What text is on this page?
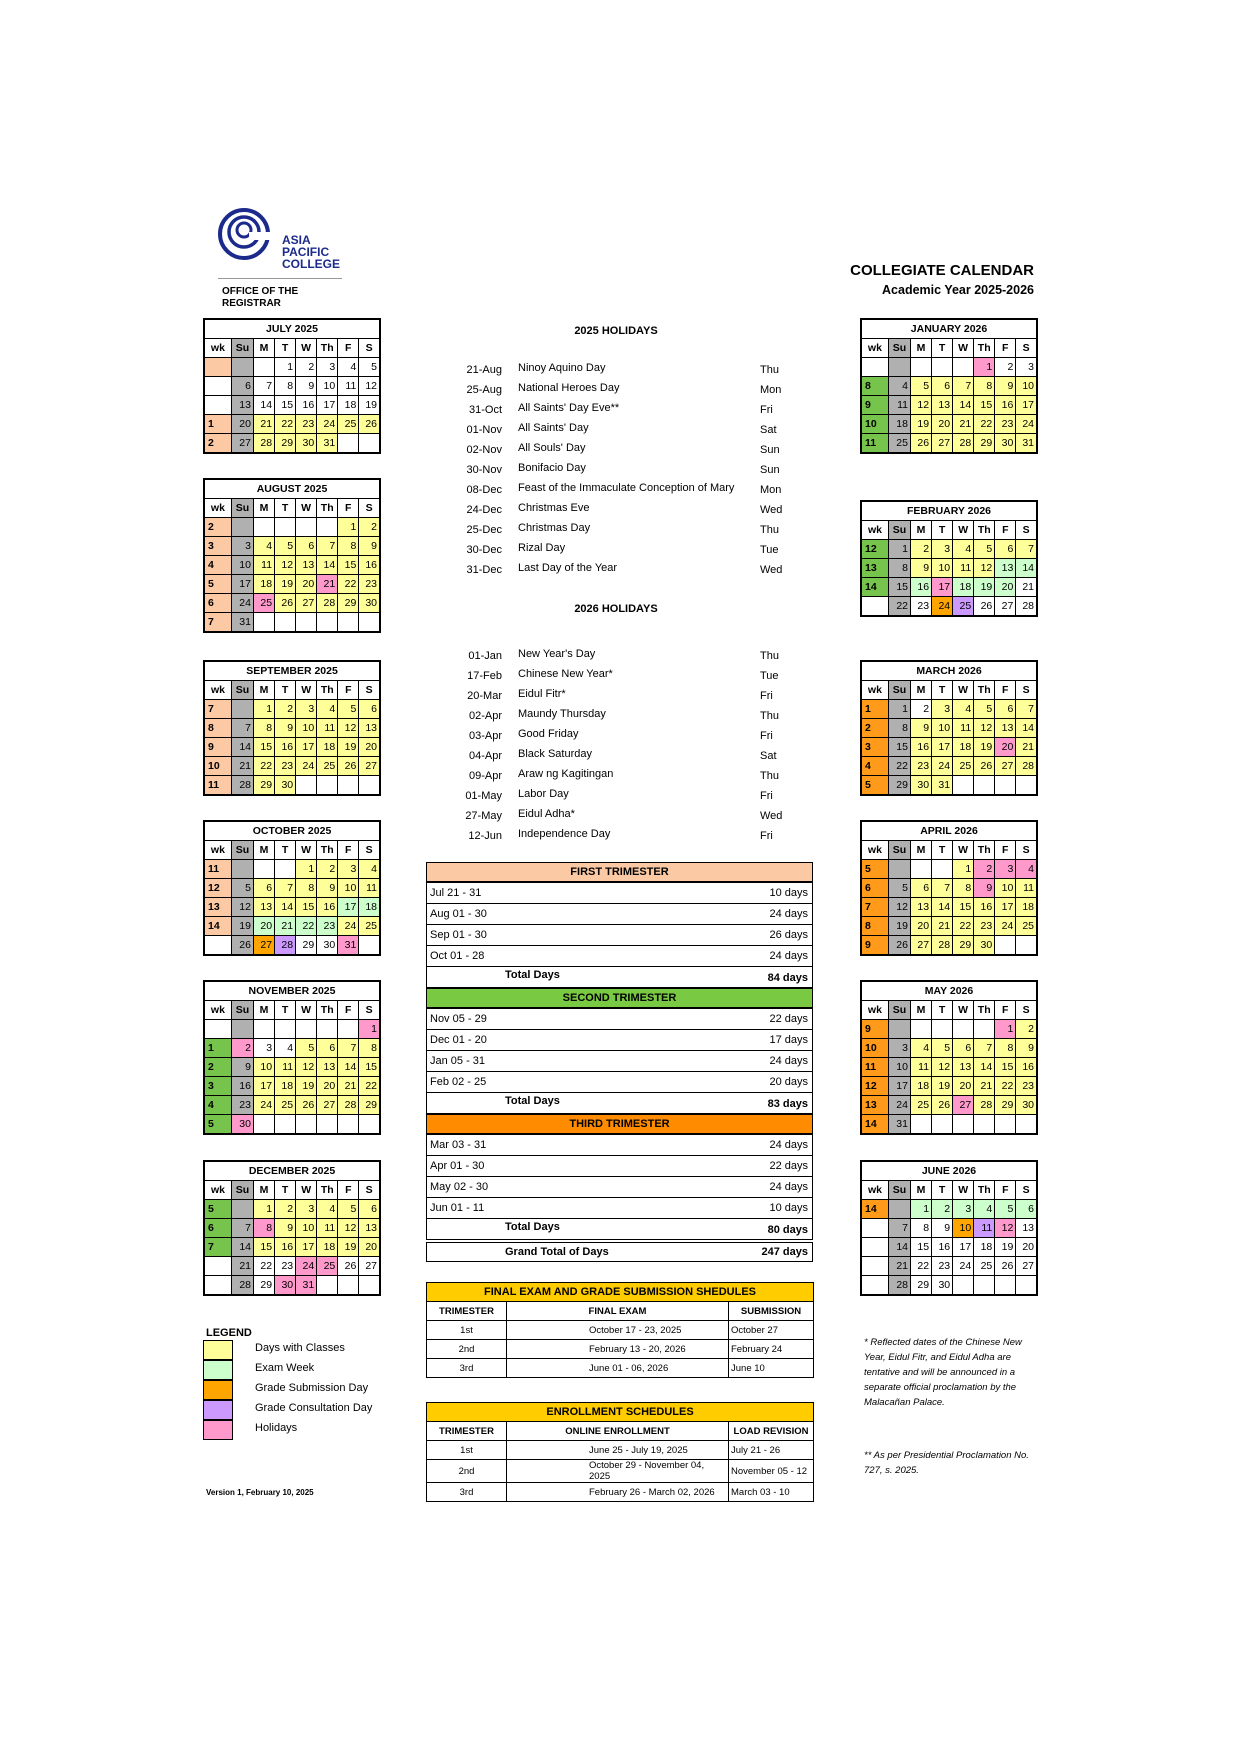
ASIA
PACIFIC
COLLEGE
OFFICE OF THE REGISTRAR
COLLEGIATE CALENDAR
Academic Year 2025-2026
2025 HOLIDAYS
21-Aug Ninoy Aquino Day	Thu
25-Aug National Heroes Day	Mon
31-Oct All Saints' Day Eve**	Fri
01-Nov All Saints' Day	Sat
02-Nov All Souls' Day	Sun
30-Nov Bonifacio Day	Sun
08-Dec Feast of the Immaculate Conception of Mary	Mon
24-Dec Christmas Eve	Wed
25-Dec Christmas Day	Thu
30-Dec Rizal Day	Tue
31-Dec Last Day of the Year	Wed
2026 HOLIDAYS
01-Jan New Year's Day	Thu
17-Feb Chinese New Year*	Tue
20-Mar Eidul Fitr*	Fri
02-Apr Maundy Thursday	Thu
03-Apr Good Friday	Fri
04-Apr Black Saturday	Sat
09-Apr Araw ng Kagitingan	Thu
01-May Labor Day	Fri
27-May Eidul Adha*	Wed
12-Jun Independence Day	Fri
FIRST TRIMESTER
Jul 21 - 31	10 days
Aug 01 - 30	24 days
Sep 01 - 30	26 days
Oct 01 - 28	24 days
Total Days	84 days
SECOND TRIMESTER
Nov 05 - 29	22 days
Dec 01 - 20	17 days
Jan 05 - 31	24 days
Feb 02 - 25	20 days
Total Days	83 days
THIRD TRIMESTER
Mar 03 - 31	24 days
Apr 01 - 30	22 days
May 02 - 30	24 days
Jun 01 - 11	10 days
Total Days	80 days
Grand Total of Days	247 days
FINAL EXAM AND GRADE SUBMISSION SHEDULES		
TRIMESTER	FINAL EXAM	SUBMISSION
1st	October 17 - 23, 2025	October 27
2nd	February 13 - 20, 2026	February 24
3rd	June 01 - 06, 2026	June 10
ENROLLMENT SCHEDULES		
TRIMESTER	ONLINE ENROLLMENT	LOAD REVISION
1st	June 25 - July 19, 2025	July 21 - 26
2nd	October 29 - November 04, 2025	November 05 - 12
3rd	February 26 - March 02, 2026	March 03 - 10
LEGEND
Days with Classes
Exam Week
Grade Submission Day
Grade Consultation Day
Holidays
* Reflected dates of the Chinese New Year, Eidul Fitr, and Eidul Adha are tentative and will be announced in a separate official proclamation by the Malacañan Palace.
** As per Presidential Proclamation No. 727, s. 2025.
Version 1, February 10, 2025
JULY 2025							
wk	Su	M	T	W	Th	F	S
			1	2	3	4	5
	6	7	8	9	10	11	12
	13	14	15	16	17	18	19
1	20	21	22	23	24	25	26
2	27	28	29	30	31		
AUGUST 2025							
wk	Su	M	T	W	Th	F	S
2						1	2
3	3	4	5	6	7	8	9
4	10	11	12	13	14	15	16
5	17	18	19	20	21	22	23
6	24	25	26	27	28	29	30
7	31						
SEPTEMBER 2025							
wk	Su	M	T	W	Th	F	S
7		1	2	3	4	5	6
8	7	8	9	10	11	12	13
9	14	15	16	17	18	19	20
10	21	22	23	24	25	26	27
11	28	29	30				
OCTOBER 2025							
wk	Su	M	T	W	Th	F	S
11				1	2	3	4
12	5	6	7	8	9	10	11
13	12	13	14	15	16	17	18
14	19	20	21	22	23	24	25
	26	27	28	29	30	31	
NOVEMBER 2025							
wk	Su	M	T	W	Th	F	S
							1
1	2	3	4	5	6	7	8
2	9	10	11	12	13	14	15
3	16	17	18	19	20	21	22
4	23	24	25	26	27	28	29
5	30						
DECEMBER 2025							
wk	Su	M	T	W	Th	F	S
5		1	2	3	4	5	6
6	7	8	9	10	11	12	13
7	14	15	16	17	18	19	20
	21	22	23	24	25	26	27
	28	29	30	31			
JANUARY 2026							
wk	Su	M	T	W	Th	F	S
					1	2	3
8	4	5	6	7	8	9	10
9	11	12	13	14	15	16	17
10	18	19	20	21	22	23	24
11	25	26	27	28	29	30	31
FEBRUARY 2026							
wk	Su	M	T	W	Th	F	S
12	1	2	3	4	5	6	7
13	8	9	10	11	12	13	14
14	15	16	17	18	19	20	21
	22	23	24	25	26	27	28
MARCH 2026							
wk	Su	M	T	W	Th	F	S
1	1	2	3	4	5	6	7
2	8	9	10	11	12	13	14
3	15	16	17	18	19	20	21
4	22	23	24	25	26	27	28
5	29	30	31				
APRIL 2026							
wk	Su	M	T	W	Th	F	S
5				1	2	3	4
6	5	6	7	8	9	10	11
7	12	13	14	15	16	17	18
8	19	20	21	22	23	24	25
9	26	27	28	29	30		
MAY 2026							
wk	Su	M	T	W	Th	F	S
9						1	2
10	3	4	5	6	7	8	9
11	10	11	12	13	14	15	16
12	17	18	19	20	21	22	23
13	24	25	26	27	28	29	30
14	31						
JUNE 2026							
wk	Su	M	T	W	Th	F	S
14		1	2	3	4	5	6
	7	8	9	10	11	12	13
	14	15	16	17	18	19	20
	21	22	23	24	25	26	27
	28	29	30				
